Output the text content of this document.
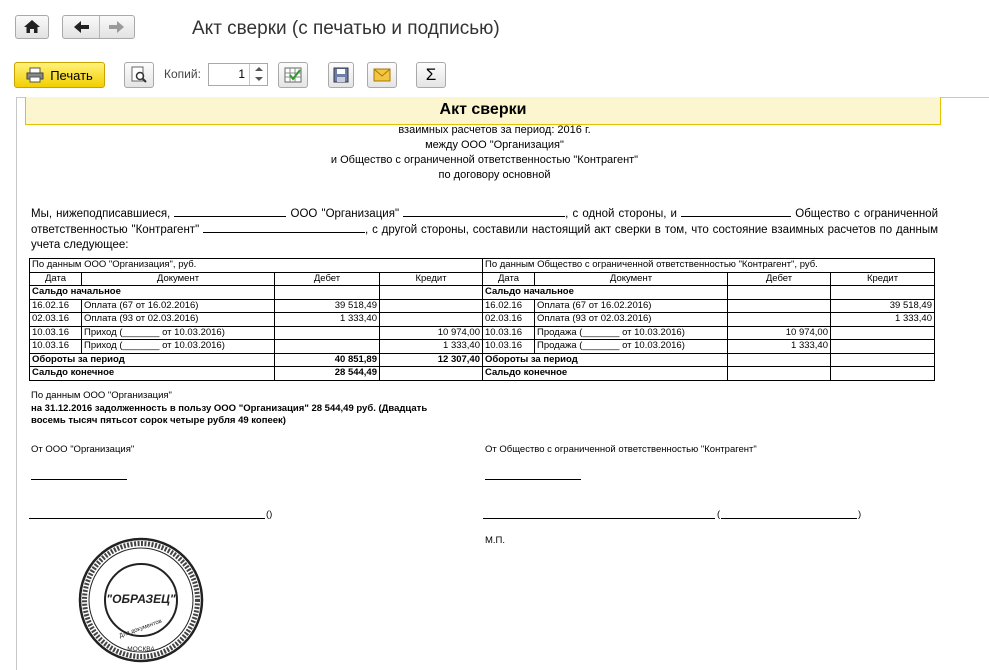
Акт сверки (с печатью и подписью)
Печать	Копий:	1	Σ
Акт сверки
взаимных расчетов за период: 2016 г.
между ООО "Организация"
и Общество с ограниченной ответственностью "Контрагент"
по договору основной
Мы, нижеподписавшиеся,	ООО "Организация"	, с одной стороны, и	Общество с ограниченной ответственностью "Контрагент"	, с другой стороны, составили настоящий акт сверки в том, что состояние взаимных расчетов по данным учета следующее:
По данным ООО "Организация", руб.				По данным Общество с ограниченной ответственностью "Контрагент", руб.			
Дата	Документ	Дебет	Кредит	Дата	Документ	Дебет	Кредит
Сальдо начальное				Сальдо начальное			
16.02.16	Оплата (67 от 16.02.2016)	39 518,49		16.02.16	Оплата (67 от 16.02.2016)		39 518,49
02.03.16	Оплата (93 от 02.03.2016)	1 333,40		02.03.16	Оплата (93 от 02.03.2016)		1 333,40
10.03.16	Приход (_______ от 10.03.2016)		10 974,00	10.03.16	Продажа (_______ от 10.03.2016)	10 974,00	
10.03.16	Приход (_______ от 10.03.2016)		1 333,40	10.03.16	Продажа (_______ от 10.03.2016)	1 333,40	
Обороты за период		40 851,89	12 307,40	Обороты за период			
Сальдо конечное		28 544,49		Сальдо конечное			
По данным ООО "Организация"
на 31.12.2016 задолженность в пользу ООО "Организация" 28 544,49 руб. (Двадцать
восемь тысяч пятьсот сорок четыре рубля 49 копеек)
От ООО "Организация"	От Общество с ограниченной ответственностью "Контрагент"
()	(	)
М.П.
"ОБРАЗЕЦ"
Для документов
МОСКВА
